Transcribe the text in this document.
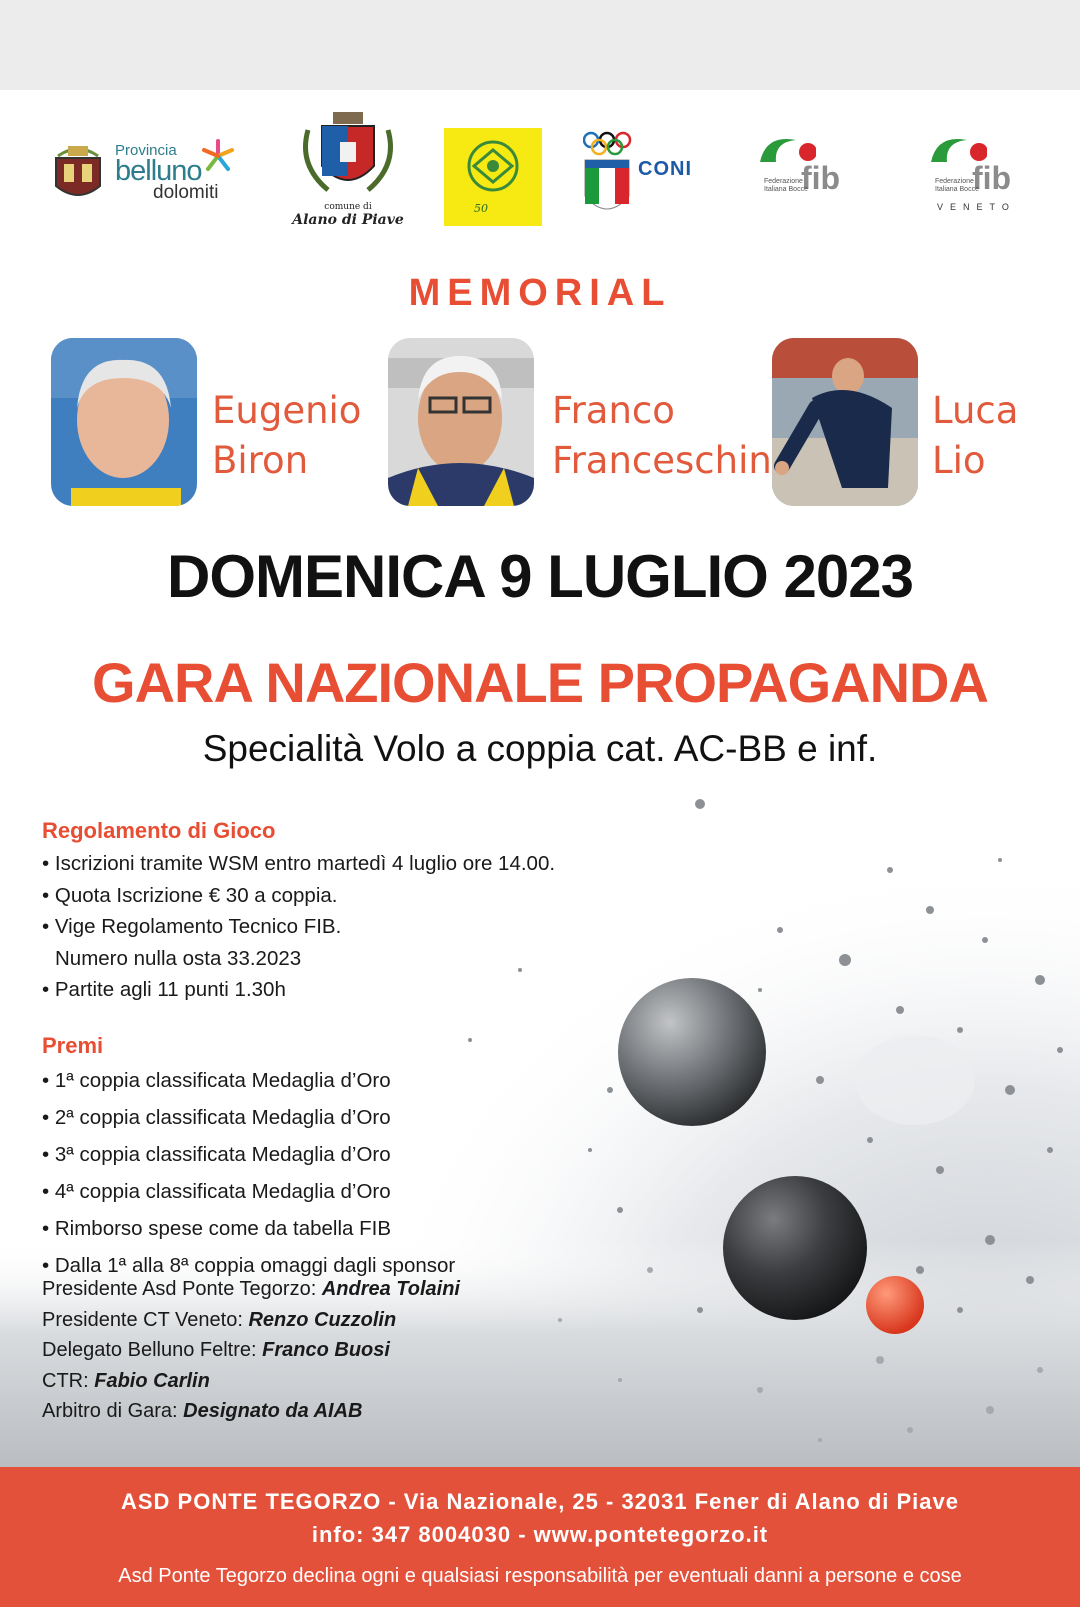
Provincia
belluno
dolomiti
comune di
Alano di Piave
50
CONI	fib
Federazione Italiana Bocce	fib
Federazione Italiana Bocce
VENETO
MEMORIAL
Eugenio
Biron
Franco
Franceschin
Luca
Lio
DOMENICA 9 LUGLIO 2023
GARA NAZIONALE PROPAGANDA
Specialità Volo a coppia cat. AC-BB e inf.
Regolamento di Gioco
• Iscrizioni tramite WSM entro martedì 4 luglio ore 14.00.
• Quota Iscrizione € 30 a coppia.
• Vige Regolamento Tecnico FIB.
Numero nulla osta 33.2023
• Partite agli 11 punti 1.30h
Premi
• 1ª coppia classificata Medaglia d’Oro
• 2ª coppia classificata Medaglia d’Oro
• 3ª coppia classificata Medaglia d’Oro
• 4ª coppia classificata Medaglia d’Oro
• Rimborso spese come da tabella FIB
• Dalla 1ª alla 8ª coppia omaggi dagli sponsor
Presidente Asd Ponte Tegorzo: Andrea Tolaini
Presidente CT Veneto: Renzo Cuzzolin
Delegato Belluno Feltre: Franco Buosi
CTR: Fabio Carlin
Arbitro di Gara: Designato da AIAB
ASD PONTE TEGORZO - Via Nazionale, 25 - 32031 Fener di Alano di Piave
info: 347 8004030 - www.pontetegorzo.it
Asd Ponte Tegorzo declina ogni e qualsiasi responsabilità per eventuali danni a persone e cose
